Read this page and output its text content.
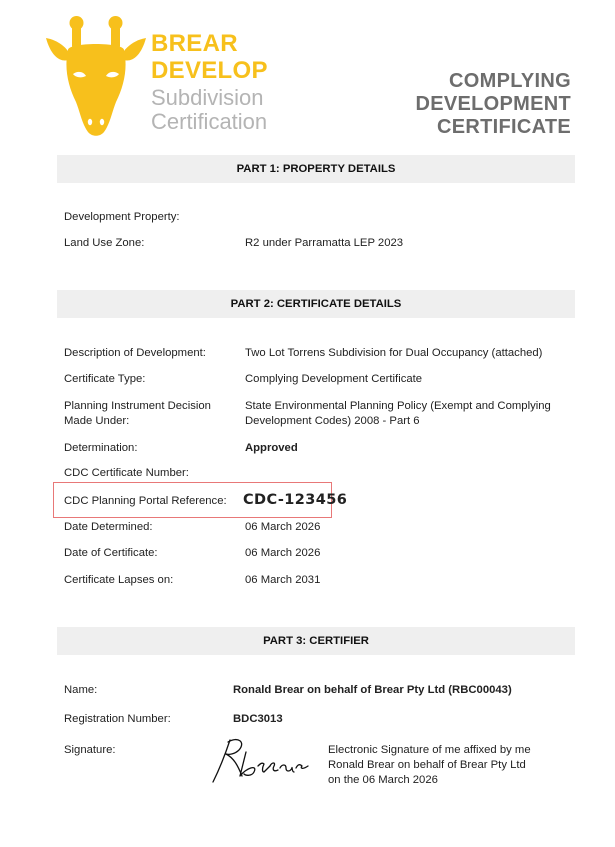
BREAR
DEVELOP
Subdivision
Certification
COMPLYING
DEVELOPMENT
CERTIFICATE
PART 1: PROPERTY DETAILS
Development Property:
Land Use Zone:	R2 under Parramatta LEP 2023
PART 2: CERTIFICATE DETAILS
Description of Development:	Two Lot Torrens Subdivision for Dual Occupancy (attached)
Certificate Type:	Complying Development Certificate
Planning Instrument Decision
Made Under:
State Environmental Planning Policy (Exempt and Complying
Development Codes) 2008 - Part 6
Determination:	Approved
CDC Certificate Number:
CDC Planning Portal Reference: CDC-123456
Date Determined:	06 March 2026
Date of Certificate:	06 March 2026
Certificate Lapses on:	06 March 2031
PART 3: CERTIFIER
Name:	Ronald Brear on behalf of Brear Pty Ltd (RBC00043)
Registration Number:	BDC3013
Signature:	Electronic Signature of me affixed by me
Ronald Brear on behalf of Brear Pty Ltd
on the 06 March 2026
